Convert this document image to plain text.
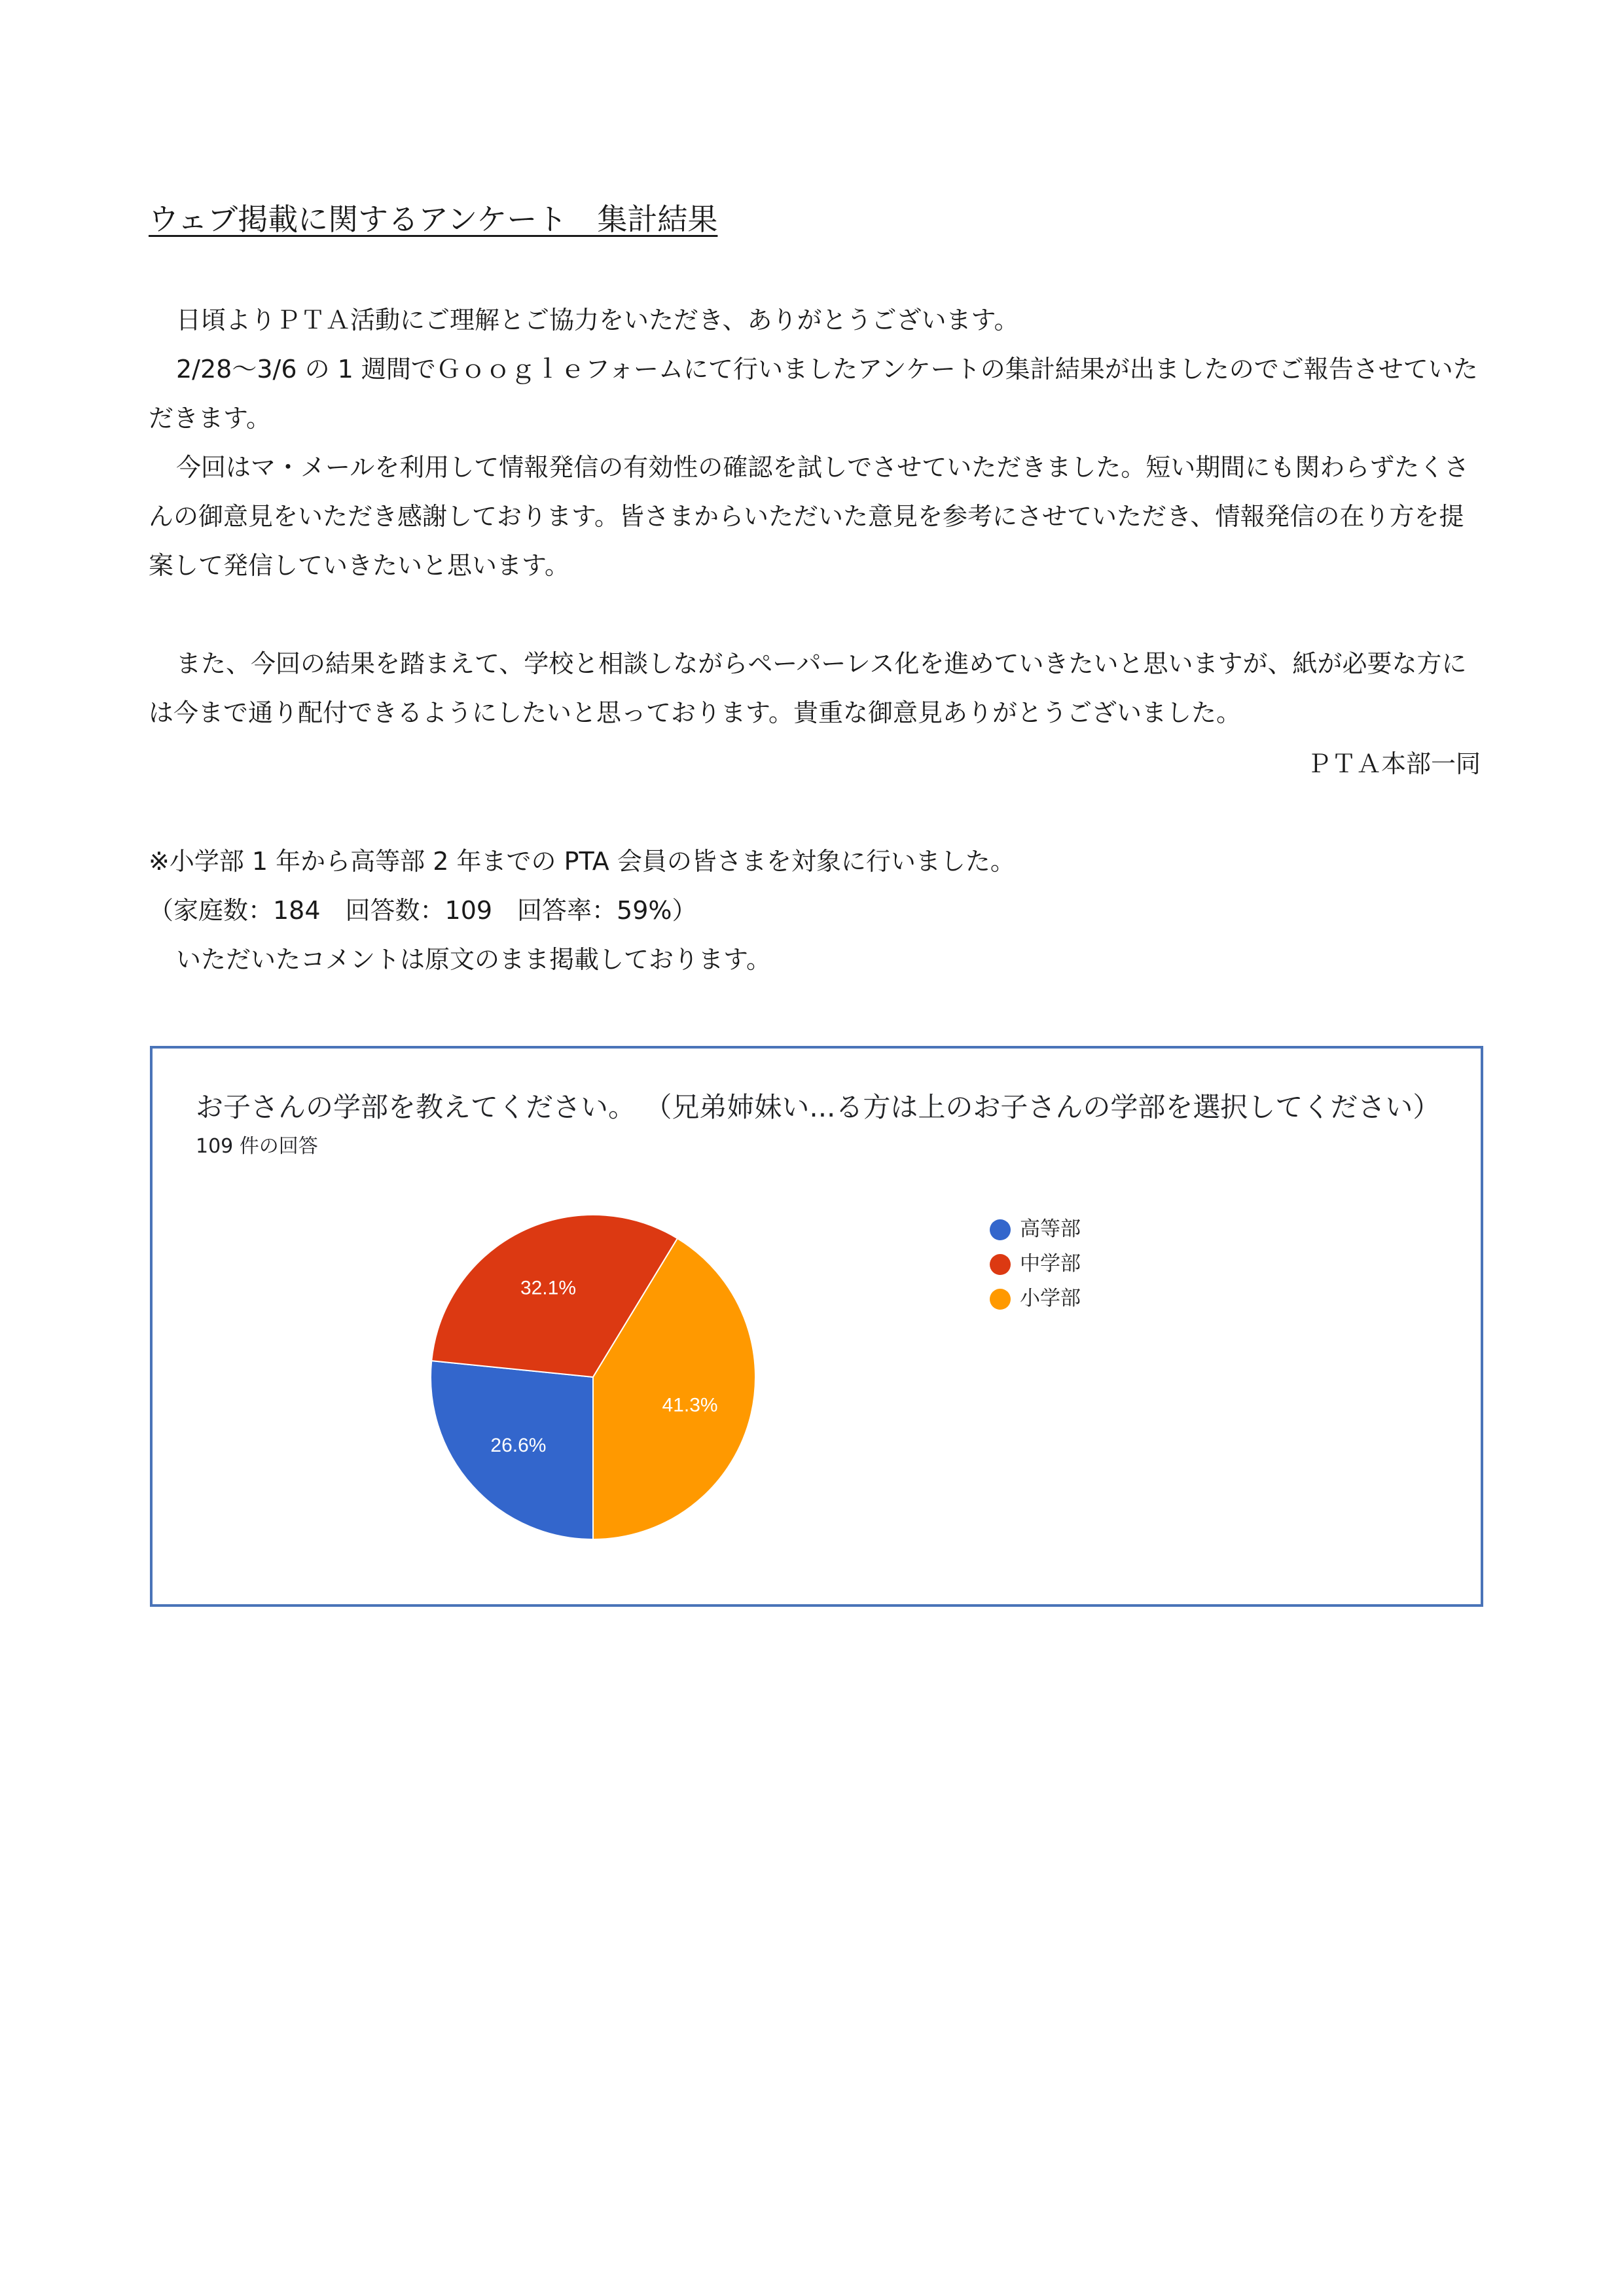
ウェブ掲載に関するアンケート　集計結果

日頃よりＰＴＡ活動にご理解とご協力をいただき、ありがとうございます。

2/28～3/6 の 1 週間でＧｏｏｇｌｅフォームにて行いましたアンケートの集計結果が出ましたのでご報告させていただきます。

今回はマ・メールを利用して情報発信の有効性の確認を試しでさせていただきました。短い期間にも関わらずたくさんの御意見をいただき感謝しております。皆さまからいただいた意見を参考にさせていただき、情報発信の在り方を提案して発信していきたいと思います。

また、今回の結果を踏まえて、学校と相談しながらペーパーレス化を進めていきたいと思いますが、紙が必要な方には今まで通り配付できるようにしたいと思っております。貴重な御意見ありがとうございました。

ＰＴＡ本部一同
※小学部 1 年から高等部 2 年までの PTA 会員の皆さまを対象に行いました。
（家庭数：184　回答数：109　回答率：59%）
いただいたコメントは原文のまま掲載しております。
お子さんの学部を教えてください。 （兄弟姉妹い...る方は上のお子さんの学部を選択してください）
109 件の回答
26.6%
32.1%
41.3%
高等部
中学部
小学部
